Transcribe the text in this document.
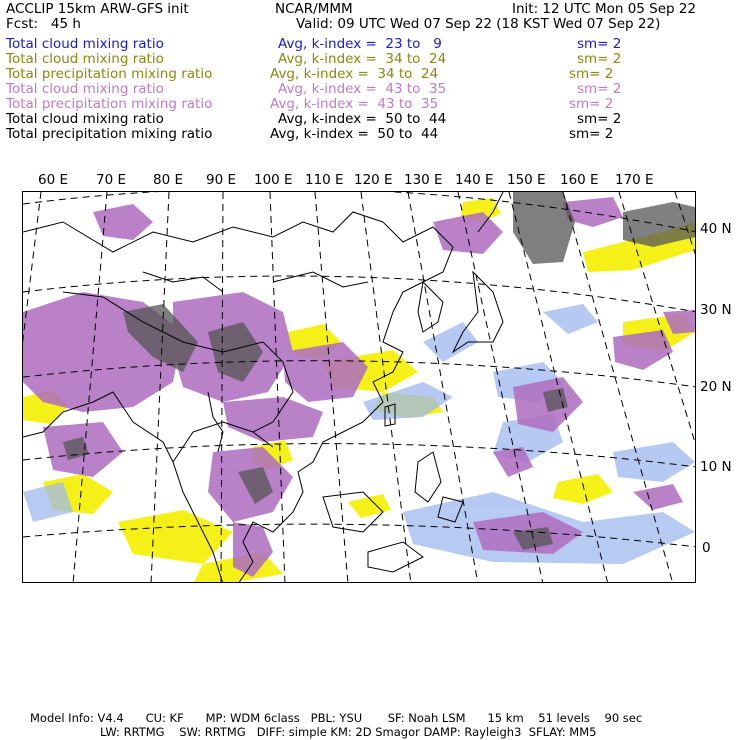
ACCLIP 15km ARW-GFS init	NCAR/MMM	Init: 12 UTC Mon 05 Sep 22
Fcst:   45 h	Valid: 09 UTC Wed 07 Sep 22 (18 KST Wed 07 Sep 22)
Total cloud mixing ratio	Avg, k-index =  23 to   9	sm= 2
Total cloud mixing ratio	Avg, k-index =  34 to  24	sm= 2
Total precipitation mixing ratio	Avg, k-index =  34 to  24	sm= 2
Total cloud mixing ratio	Avg, k-index =  43 to  35	sm= 2
Total precipitation mixing ratio	Avg, k-index =  43 to  35	sm= 2
Total cloud mixing ratio	Avg, k-index =  50 to  44	sm= 2
Total precipitation mixing ratio	Avg, k-index =  50 to  44	sm= 2
60 E 70 E 80 E 90 E 100 E 110 E 120 E 130 E 140 E 150 E 160 E 170 E
40 N
30 N
20 N
10 N
0
Model Info: V4.4      CU: KF      MP: WDM 6class   PBL: YSU       SF: Noah LSM      15 km    51 levels    90 sec
LW: RRTMG    SW: RRTMG   DIFF: simple KM: 2D Smagor DAMP: Rayleigh3  SFLAY: MM5
